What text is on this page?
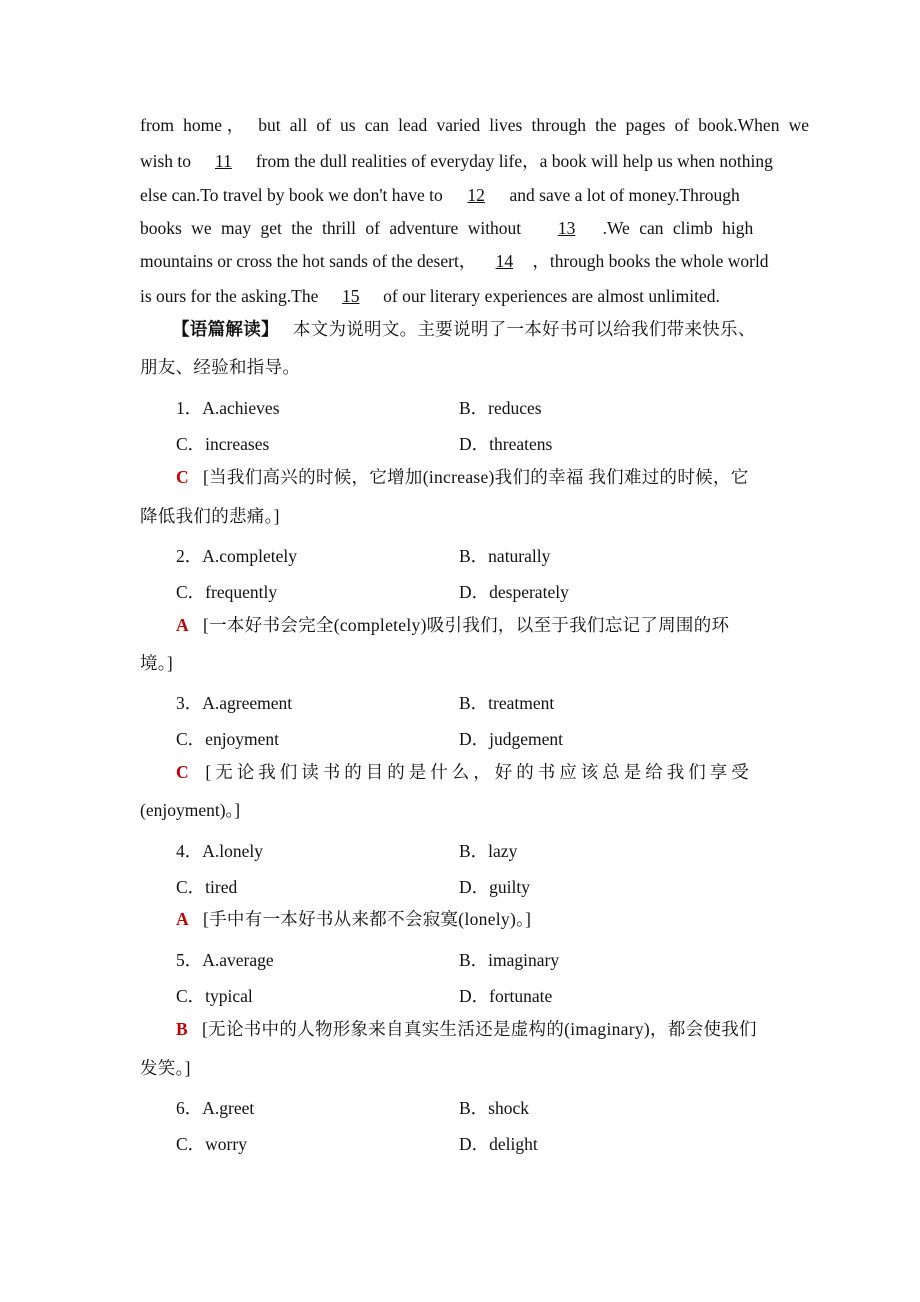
from home， but all of us can lead varied lives through the pages of book.When we
wish to 11 from the dull realities of everyday life，a book will help us when nothing
else can.To travel by book we don't have to 12 and save a lot of money.Through
books we may get the thrill of adventure without 13 .We can climb high
mountains or cross the hot sands of the desert， 14 ，through books the whole world
is ours for the asking.The 15 of our literary experiences are almost unlimited.
【语篇解读】 本文为说明文。主要说明了一本好书可以给我们带来快乐、
朋友、经验和指导。
1．A.achieves	B．reduces
C．increases	D．threatens
C [当我们高兴的时候，它增加(increase)我们的幸福 我们难过的时候，它
降低我们的悲痛。]
2．A.completely	B．naturally
C．frequently	D．desperately
A [一本好书会完全(completely)吸引我们，以至于我们忘记了周围的环
境。]
3．A.agreement	B．treatment
C．enjoyment	D．judgement
C [无论我们读书的目的是什么，好的书应该总是给我们享受
(enjoyment)。]
4．A.lonely	B．lazy
C．tired	D．guilty
A [手中有一本好书从来都不会寂寞(lonely)。]
5．A.average	B．imaginary
C．typical	D．fortunate
B [无论书中的人物形象来自真实生活还是虚构的(imaginary)，都会使我们
发笑。]
6．A.greet	B．shock
C．worry	D．delight
